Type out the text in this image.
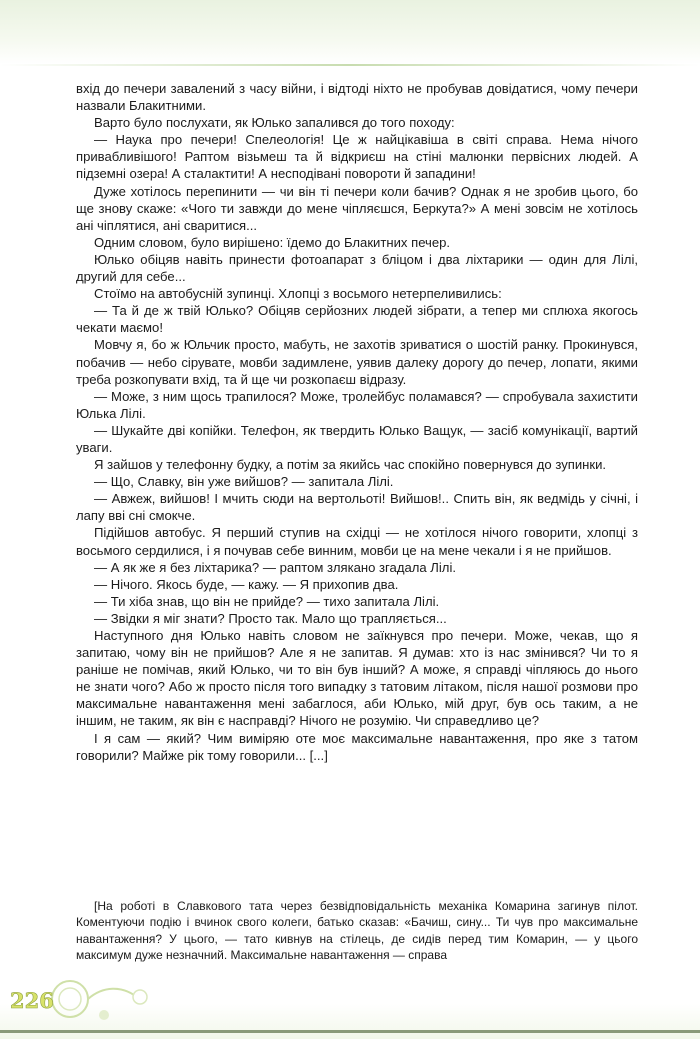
вхід до печери завалений з часу війни, і відтоді ніхто не пробував довідатися, чому печери назвали Блакитними.

Варто було послухати, як Юлько запалився до того походу:

— Наука про печери! Спелеологія! Це ж найцікавіша в світі справа. Нема нічого привабливішого! Раптом візьмеш та й відкриєш на стіні малюнки первісних людей. А підземні озера! А сталактити! А несподівані повороти й западини!

Дуже хотілось перепинити — чи він ті печери коли бачив? Однак я не зробив цього, бо ще знову скаже: «Чого ти завжди до мене чіпляєшся, Беркута?» А мені зовсім не хотілось ані чіплятися, ані сваритися...

Одним словом, було вирішено: їдемо до Блакитних печер.

Юлько обіцяв навіть принести фотоапарат з бліцом і два ліхтарики — один для Лілі, другий для себе...

Стоїмо на автобусній зупинці. Хлопці з восьмого нетерпеливились:

— Та й де ж твій Юлько? Обіцяв серйозних людей зібрати, а тепер ми сплюха якогось чекати маємо!

Мовчу я, бо ж Юльчик просто, мабуть, не захотів зриватися о шостій ранку. Прокинувся, побачив — небо сірувате, мовби задимлене, уявив далеку дорогу до печер, лопати, якими треба розкопувати вхід, та й ще чи розкопаєш відразу.

— Може, з ним щось трапилося? Може, тролейбус поламався? — спробувала захистити Юлька Лілі.

— Шукайте дві копійки. Телефон, як твердить Юлько Ващук, — засіб комунікації, вартий уваги.

Я зайшов у телефонну будку, а потім за якийсь час спокійно повернувся до зупинки.

— Що, Славку, він уже вийшов? — запитала Лілі.

— Авжеж, вийшов! І мчить сюди на вертольоті! Вийшов!.. Спить він, як ведмідь у січні, і лапу вві сні смокче.

Підійшов автобус. Я перший ступив на східці — не хотілося нічого говорити, хлопці з восьмого сердилися, і я почував себе винним, мовби це на мене чекали і я не прийшов.

— А як же я без ліхтарика? — раптом злякано згадала Лілі.

— Нічого. Якось буде, — кажу. — Я прихопив два.

— Ти хіба знав, що він не прийде? — тихо запитала Лілі.

— Звідки я міг знати? Просто так. Мало що трапляється...

Наступного дня Юлько навіть словом не заїкнувся про печери. Може, чекав, що я запитаю, чому він не прийшов? Але я не запитав. Я думав: хто із нас змінився? Чи то я раніше не помічав, який Юлько, чи то він був інший? А може, я справді чіпляюсь до нього не знати чого? Або ж просто після того випадку з татовим літаком, після нашої розмови про максимальне навантаження мені забаглося, аби Юлько, мій друг, був ось таким, а не іншим, не таким, як він є насправді? Нічого не розумію. Чи справедливо це?

І я сам — який? Чим виміряю оте моє максимальне навантаження, про яке з татом говорили? Майже рік тому говорили... [...]

[На роботі в Славкового тата через безвідповідальність механіка Комарина загинув пілот. Коментуючи подію і вчинок свого колеги, батько сказав: «Бачиш, сину... Ти чув про максимальне навантаження? У цього, — тато кивнув на стілець, де сидів перед тим Комарин, — у цього максимум дуже незначний. Максимальне навантаження — справа

226
